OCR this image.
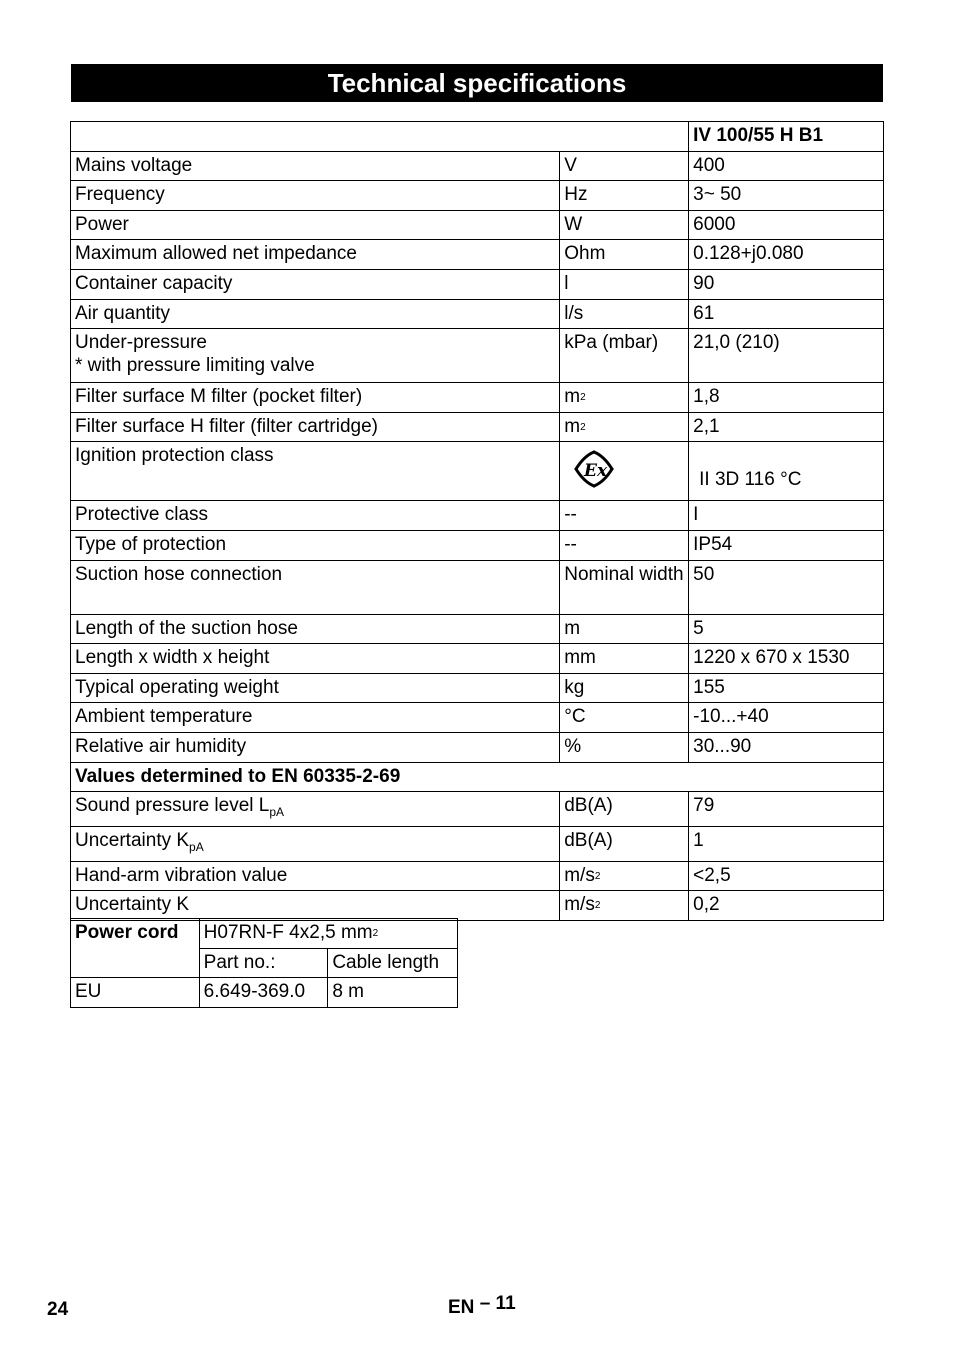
Technical specifications
		IV 100/55 H B1
Mains voltage	V	400
Frequency	Hz	3~ 50
Power	W	6000
Maximum allowed net impedance	Ohm	0.128+j0.080
Container capacity	l	90
Air quantity	l/s	61

Under-pressure
* with pressure limiting valve	kPa (mbar)	21,0 (210)
Filter surface M filter (pocket filter)	$m^2$	1,8
Filter surface H filter (filter cartridge)	$m^2$	2,1
Ignition protection class	Ex	II 3D 116 °C
Protective class	--	I
Type of protection	--	IP54
Suction hose connection	Nominal width	50
Length of the suction hose	m	5
Length x width x height	mm	1220 x 670 x 1530
Typical operating weight	kg	155
Ambient temperature	°C	-10...+40
Relative air humidity	%	30...90
Values determined to EN 60335-2-69		
Sound pressure level $L_{pA}$	dB(A)	79
Uncertainty $K_{pA}$	dB(A)	1
Hand-arm vibration value	$m/s^2$	<2,5
Uncertainty K	$m/s^2$	0,2
Power cord	H07RN-F 4x2,5 $mm^2$
	Part no.:	Cable length
EU	6.649-369.0	8 m
24	EN – 11
